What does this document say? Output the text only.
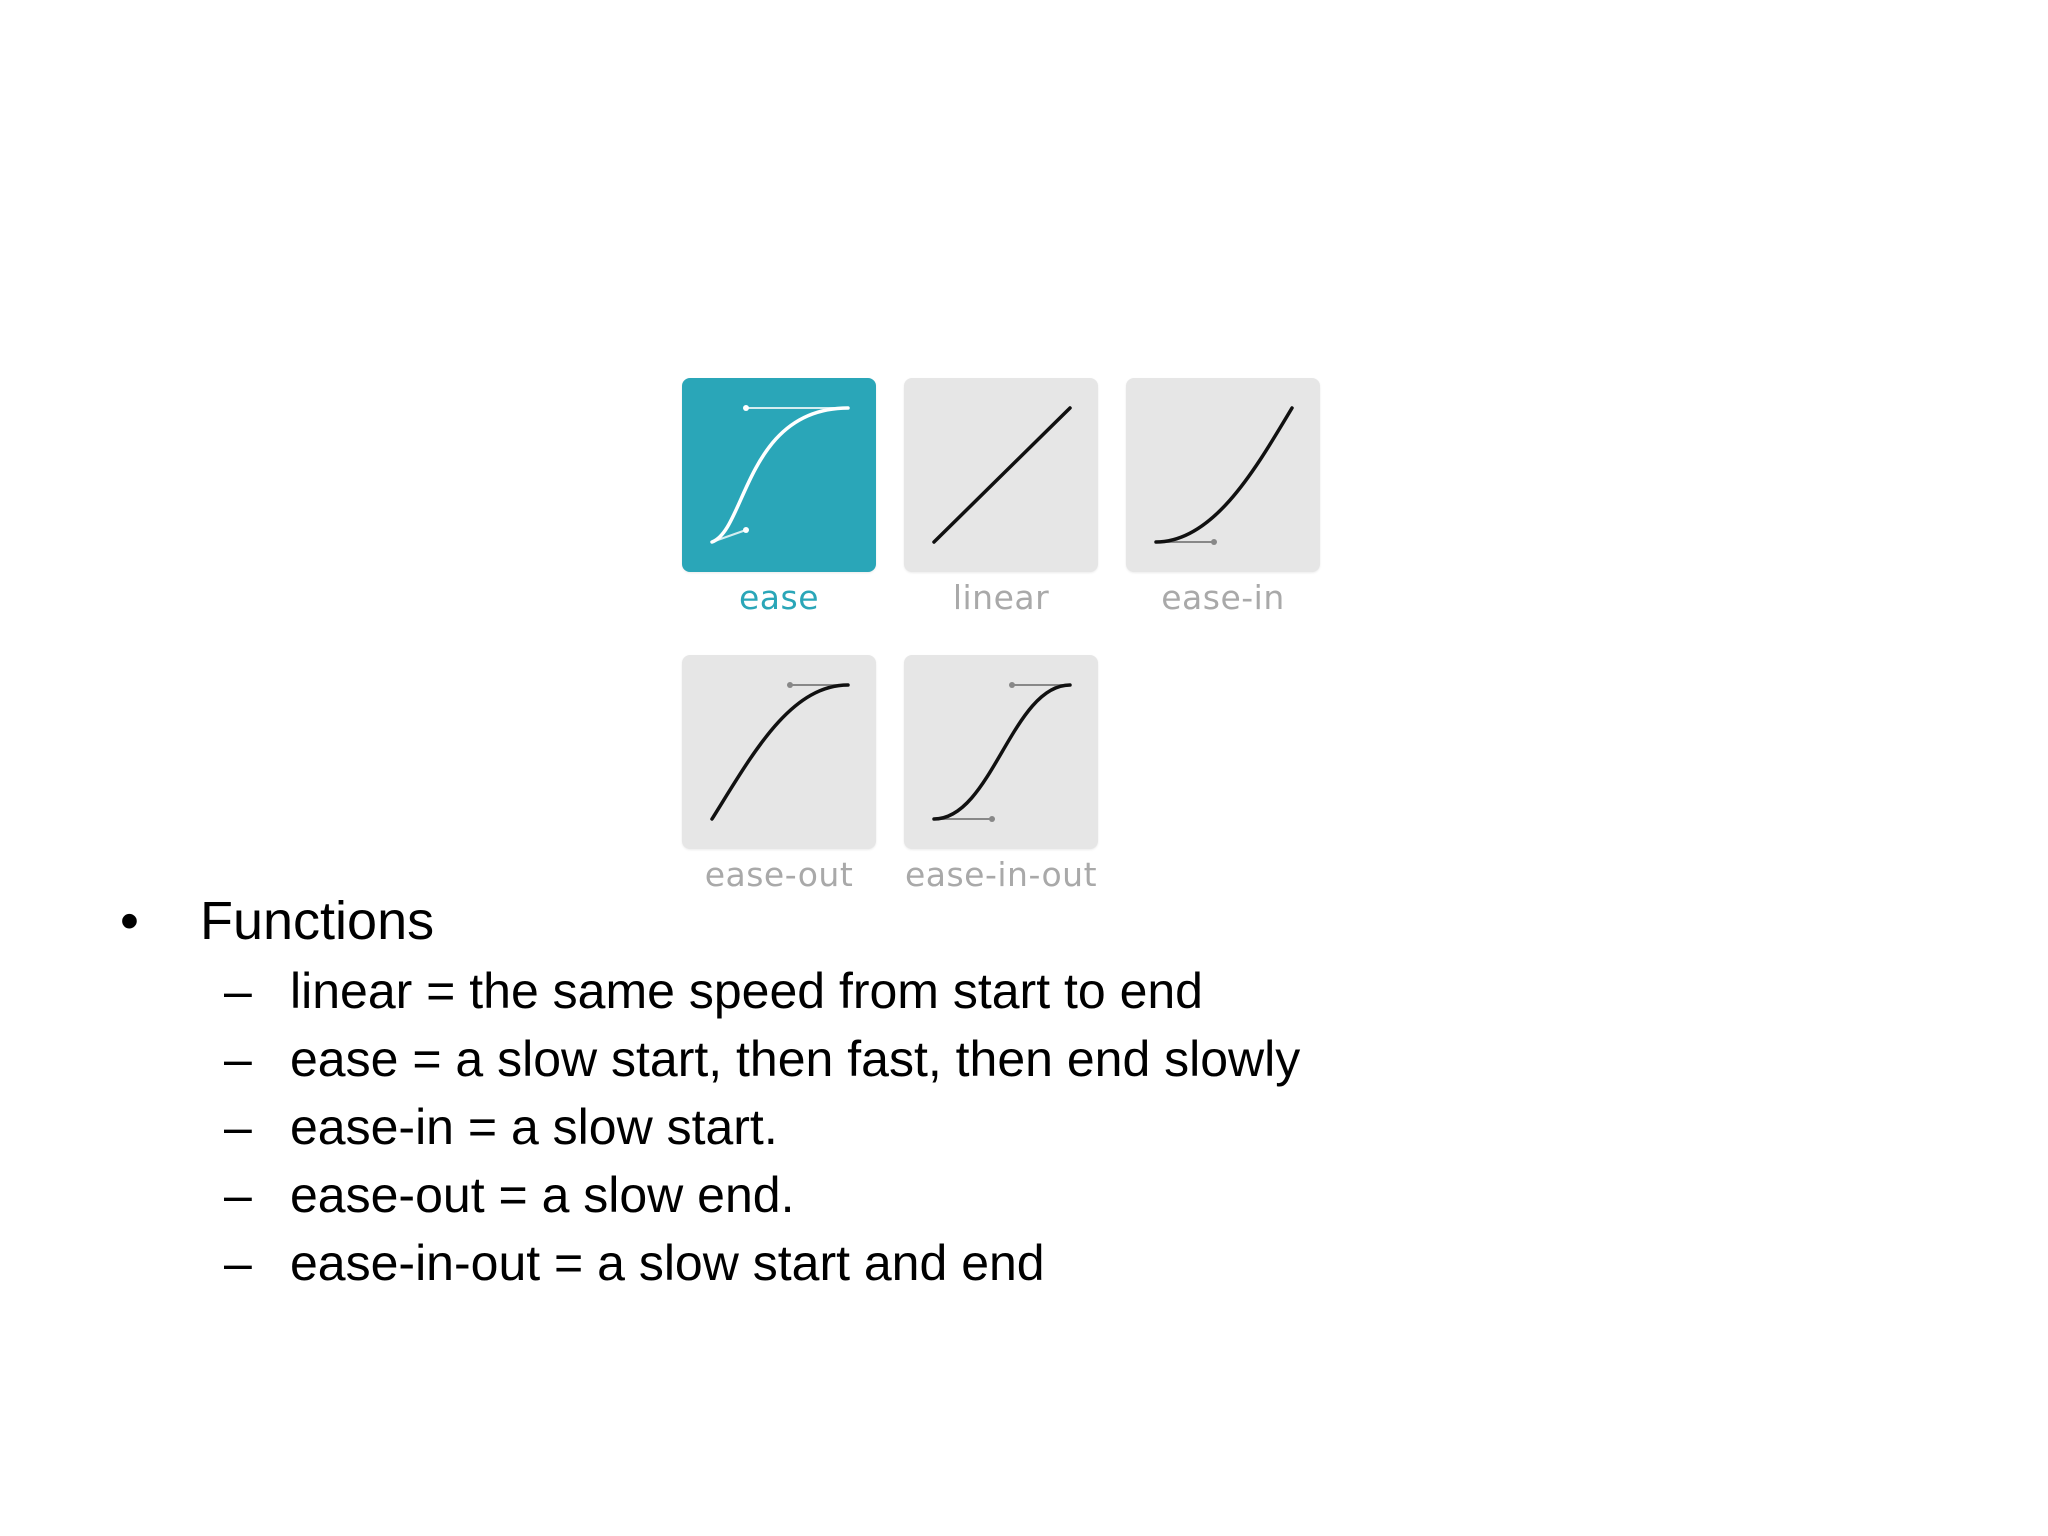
ease	linear	ease-in
ease-out	ease-in-out
• Functions
– linear = the same speed from start to end
– ease = a slow start, then fast, then end slowly
– ease-in = a slow start.
– ease-out = a slow end.
– ease-in-out = a slow start and end
